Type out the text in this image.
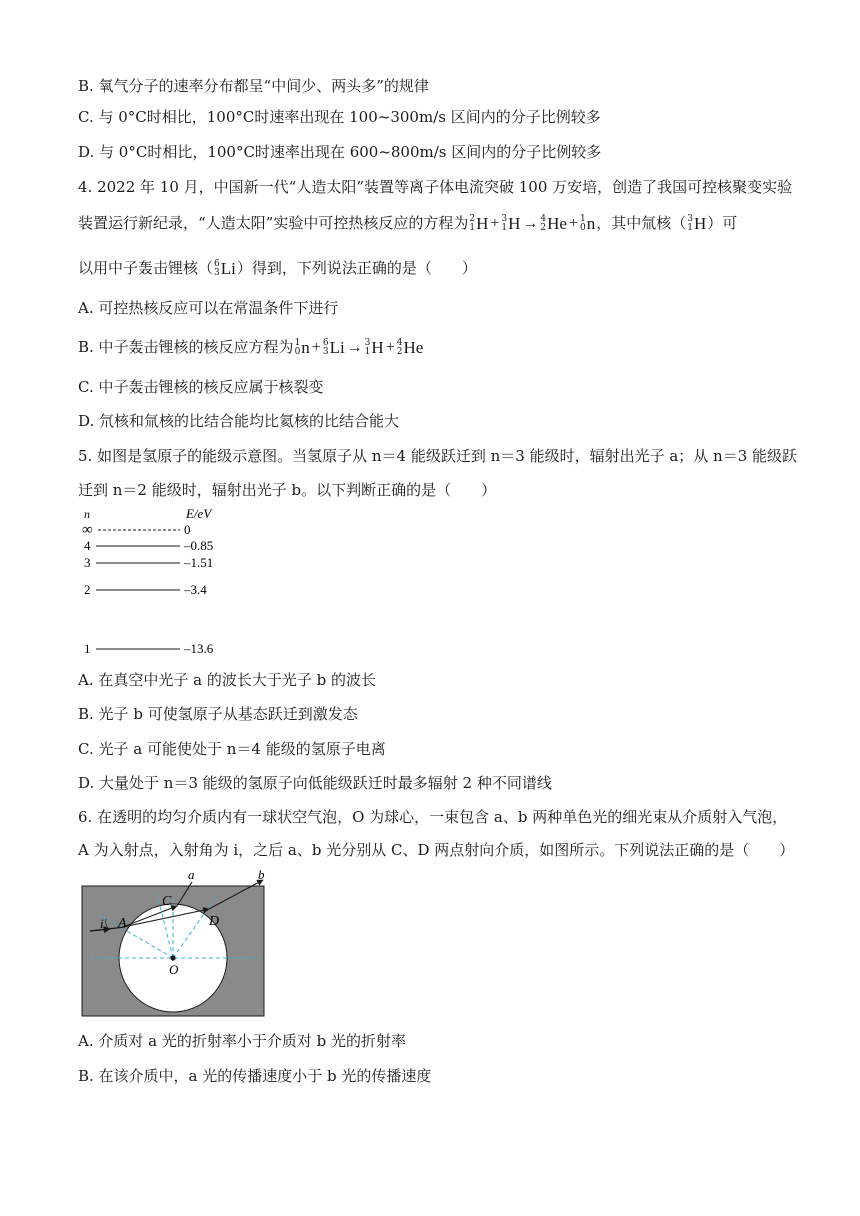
B. 氧气分子的速率分布都呈“中间少、两头多”的规律
C. 与 0°C时相比，100°C时速率出现在 100~300m/s 区间内的分子比例较多
D. 与 0°C时相比，100°C时速率出现在 600~800m/s 区间内的分子比例较多
4. 2022 年 10 月，中国新一代“人造太阳”装置等离子体电流突破 100 万安培，创造了我国可控核聚变实验
装置运行新纪录，“人造太阳”实验中可控热核反应的方程为 2
1 H + 3
1 H → 4
2 He + 1
0 n ，其中氚核（ 3
1 H ）可
以用中子轰击锂核（ 6
3 Li ）得到，下列说法正确的是（　　）
A. 可控热核反应可以在常温条件下进行
B. 中子轰击锂核的核反应方程为 1
0 n + 6
3 Li → 3
1 H + 4
2 He
C. 中子轰击锂核的核反应属于核裂变
D. 氘核和氚核的比结合能均比氦核的比结合能大
5. 如图是氢原子的能级示意图。当氢原子从 n＝4 能级跃迁到 n＝3 能级时，辐射出光子 a；从 n＝3 能级跃
迁到 n＝2 能级时，辐射出光子 b。以下判断正确的是（　　）
n	E/eV
∞	0
4	–0.85
3	–1.51
2	–3.4
1	–13.6
A. 在真空中光子 a 的波长大于光子 b 的波长
B. 光子 b 可使氢原子从基态跃迁到激发态
C. 光子 a 可能使处于 n＝4 能级的氢原子电离
D. 大量处于 n＝3 能级的氢原子向低能级跃迁时最多辐射 2 种不同谱线
6. 在透明的均匀介质内有一球状空气泡，O 为球心，一束包含 a、b 两种单色光的细光束从介质射入气泡，
A 为入射点，入射角为 i，之后 a、b 光分别从 C、D 两点射向介质，如图所示。下列说法正确的是（　　）
a	b
C
D
A
i
O
A. 介质对 a 光的折射率小于介质对 b 光的折射率
B. 在该介质中，a 光的传播速度小于 b 光的传播速度
